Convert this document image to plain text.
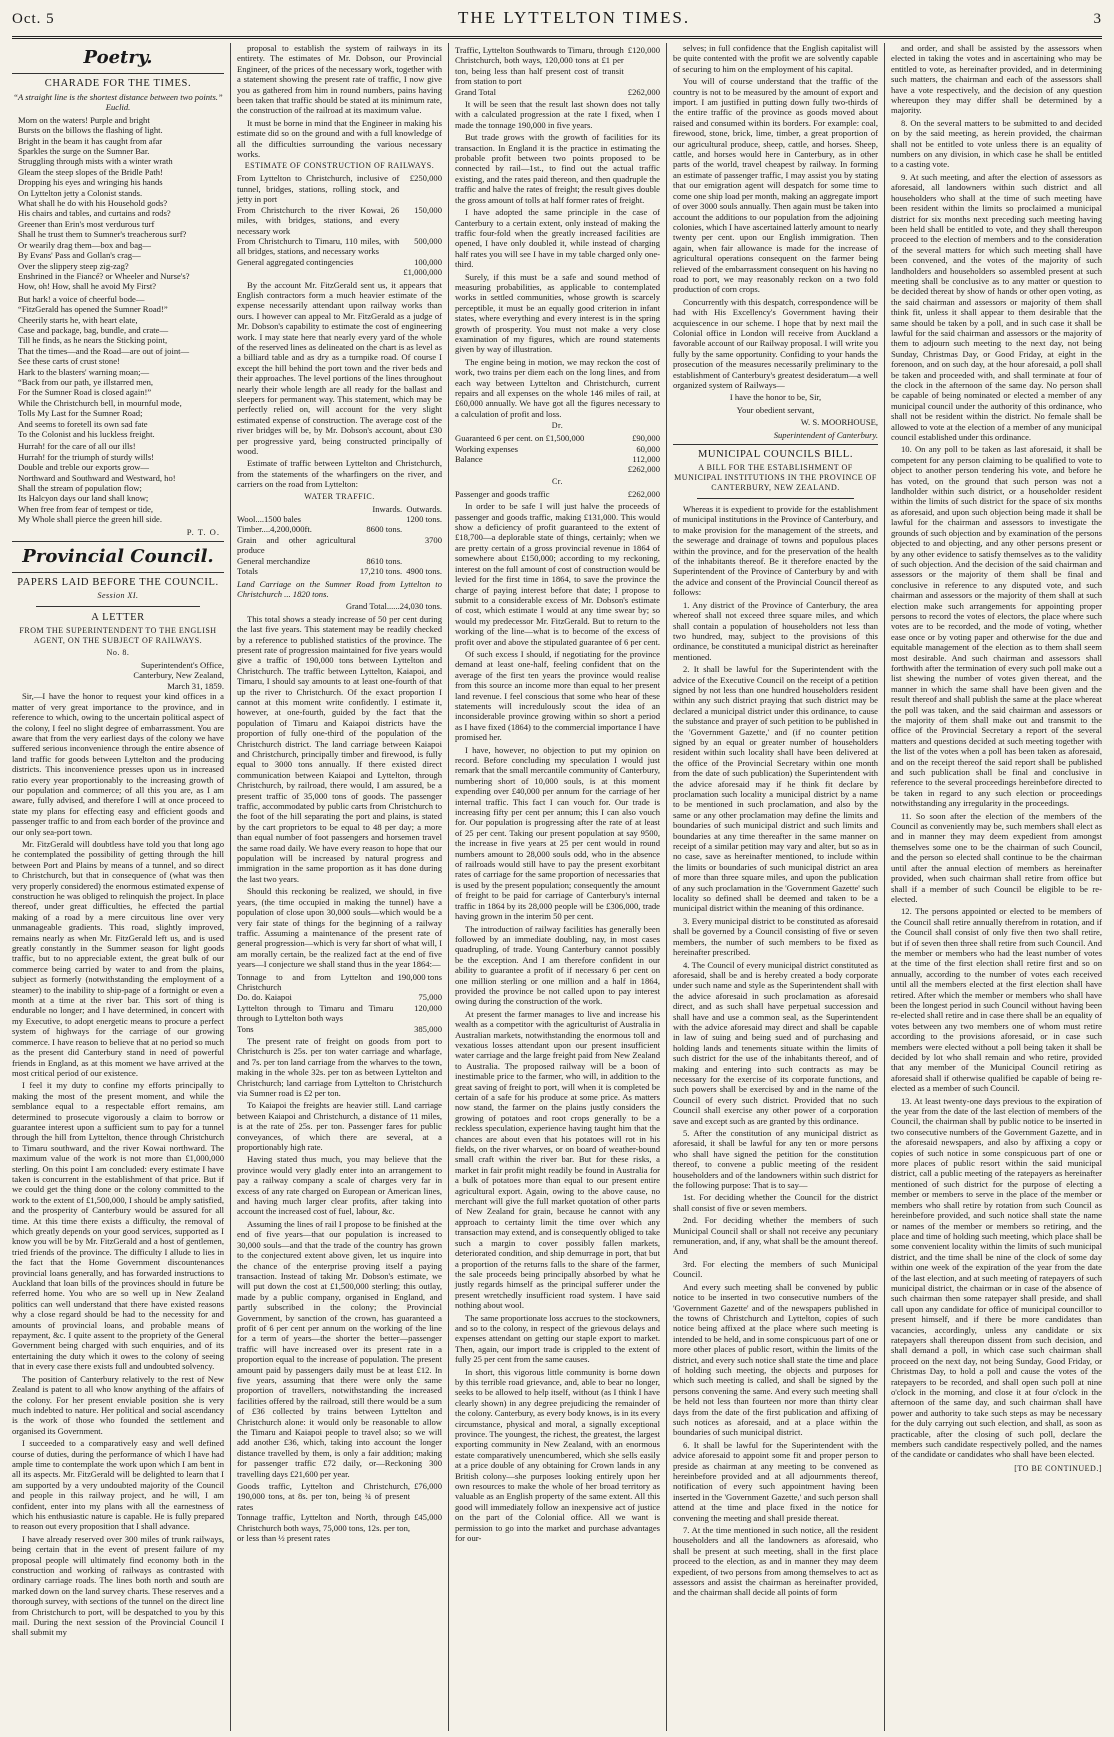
Oct. 5	THE LYTTELTON TIMES.	3
Poetry.
CHARADE FOR THE TIMES.

“A straight line is the shortest distance between two points.” Euclid.

Morn on the waters! Purple and bright
Bursts on the billows the flashing of light.
Bright in the beam it has caught from afar
Sparkles the surge on the Sumner Bar.
Struggling through mists with a winter wrath
Gleam the steep slopes of the Bridle Path!
Dropping his eyes and wringing his hands
On Lyttelton jetty a Colonist stands.
What shall he do with his Household gods?
His chairs and tables, and curtains and rods?
Greener than Erin's most verdurous turf
Shall he trust them to Sumner's treacherous surf?
Or wearily drag them—box and bag—
By Evans' Pass and Gollan's crag—
Over the slippery steep zig-zag?
Enshrined in the Fiancé? or Wheeler and Nurse's?
How, oh! How, shall he avoid My First?
But hark! a voice of cheerful bode—
“FitzGerald has opened the Sumner Road!”
Cheerily starts he, with heart elate,
Case and package, bag, bundle, and crate—
Till he finds, as he nears the Sticking point,
That the times—and the Road—are out of joint—
See these carts of crust stone!
Hark to the blasters' warning moan;—
“Back from our path, ye illstarred men,
For the Sumner Road is closed again!”
While the Christchurch bell, in mournful mode,
Tolls My Last for the Sumner Road;
And seems to foretell its own sad fate
To the Colonist and his luckless freight.
Hurrah! for the care of all our ills!
Hurrah! for the triumph of sturdy wills!
Double and treble our exports grow—
Northward and Southward and Westward, ho!
Shall the stream of population flow;
Its Halcyon days our land shall know;
When free from fear of tempest or tide,
My Whole shall pierce the green hill side.
P. T. O.
Provincial Council.
PAPERS LAID BEFORE THE COUNCIL.
Session XI.
A LETTER
FROM THE SUPERINTENDENT TO THE ENGLISH AGENT, ON THE SUBJECT OF RAILWAYS.
No. 8.
Superintendent's Office,
Canterbury, New Zealand,
March 31, 1859.

Sir,—I have the honor to request your kind offices in a matter of very great importance to the province, and in reference to which, owing to the uncertain political aspect of the colony, I feel no slight degree of embarrassment. You are aware that from the very earliest days of the colony we have suffered serious inconvenience through the entire absence of land traffic for goods between Lyttelton and the producing districts. This inconvenience presses upon us in increased ratio every year proportionably to the increasing growth of our population and commerce; of all this you are, as I am aware, fully advised, and therefore I will at once proceed to state my plans for effecting easy and efficient goods and passenger traffic to and from each border of the province and our only sea-port town.

Mr. FitzGerald will doubtless have told you that long ago he contemplated the possibility of getting through the hill between Port and Plains by means of a tunnel, and so direct to Christchurch, but that in consequence of (what was then very properly considered) the enormous estimated expense of construction he was obliged to relinquish the project. In place thereof, under great difficulties, he effected the partial making of a road by a mere circuitous line over very unmanageable gradients. This road, slightly improved, remains nearly as when Mr. FitzGerald left us, and is used greatly constantly in the Summer season for light goods traffic, but to no appreciable extent, the great bulk of our commerce being carried by water to and from the plains, subject as formerly (notwithstanding the employment of a steamer) to the inability to ship-page of a fortnight or even a month at a time at the river bar. This sort of thing is endurable no longer; and I have determined, in concert with my Executive, to adopt energetic means to procure a perfect system of highways for the carriage of our growing commerce. I have reason to believe that at no period so much as the present did Canterbury stand in need of powerful friends in England, as at this moment we have arrived at the most critical period of our existence.

I feel it my duty to confine my efforts principally to making the most of the present moment, and while the semblance equal to a respectable effort remains, am determined to prosecute vigorously a claim to borrow or guarantee interest upon a sufficient sum to pay for a tunnel through the hill from Lyttelton, thence through Christchurch to Timaru southward, and the river Kowai northward. The maximum value of the work is not more than £1,000,000 sterling. On this point I am concluded: every estimate I have taken is concurrent in the establishment of that price. But if we could get the thing done or the colony committed to the work to the extent of £1,500,000, I should be amply satisfied, and the prosperity of Canterbury would be assured for all time. At this time there exists a difficulty, the removal of which greatly depends on your good services, supported as I know you will be by Mr. FitzGerald and a host of gentlemen, tried friends of the province. The difficulty I allude to lies in the fact that the Home Government discountenances provincial loans generally, and has forwarded instructions to Auckland that loan bills of the provinces should in future be referred home. You who are so well up in New Zealand politics can well understand that there have existed reasons why a close regard should be had to the necessity for and amounts of provincial loans, and probable means of repayment, &c. I quite assent to the propriety of the General Government being charged with such enquiries, and of its entertaining the duty which it owes to the colony of seeing that in every case there exists full and undoubted solvency.

The position of Canterbury relatively to the rest of New Zealand is patent to all who know anything of the affairs of the colony. For her present enviable position she is very much indebted to nature. Her political and social ascendancy is the work of those who founded the settlement and organised its Government.

I succeeded to a comparatively easy and well defined course of duties, during the performance of which I have had ample time to contemplate the work upon which I am bent in all its aspects. Mr. FitzGerald will be delighted to learn that I am supported by a very undoubted majority of the Council and people in this railway project, and he will, I am confident, enter into my plans with all the earnestness of which his enthusiastic nature is capable. He is fully prepared to reason out every proposition that I shall advance.

I have already reserved over 300 miles of trunk railways, being certain that in the event of present failure of my proposal people will ultimately find economy both in the construction and working of railways as contrasted with ordinary carriage roads. The lines both north and south are marked down on the land survey charts. These reserves and a thorough survey, with sections of the tunnel on the direct line from Christchurch to port, will be despatched to you by this mail. During the next session of the Provincial Council I shall submit my

proposal to establish the system of railways in its entirety. The estimates of Mr. Dobson, our Provincial Engineer, of the prices of the necessary work, together with a statement showing the present rate of traffic, I now give you as gathered from him in round numbers, pains having been taken that traffic should be stated at its minimum rate, the construction of the railroad at its maximum value.

It must be borne in mind that the Engineer in making his estimate did so on the ground and with a full knowledge of all the difficulties surrounding the various necessary works.

ESTIMATE OF CONSTRUCTION OF RAILWAYS.
From Lyttelton to Christchurch, inclusive of tunnel, bridges, stations, rolling stock, and jetty in port	£250,000
From Christchurch to the river Kowai, 26 miles, with bridges, stations, and every necessary work	150,000
From Christchurch to Timaru, 110 miles, with all bridges, stations, and necessary works	500,000
General aggregated contingencies	100,000
	£1,000,000

By the account Mr. FitzGerald sent us, it appears that English contractors form a much heavier estimate of the expense necessarily attendant upon railway works than ours. I however can appeal to Mr. FitzGerald as a judge of Mr. Dobson's capability to estimate the cost of engineering work. I may state here that nearly every yard of the whole of the reserved lines as delineated on the chart is as level as a billiard table and as dry as a turnpike road. Of course I except the hill behind the port town and the river beds and their approaches. The level portions of the lines throughout nearly their whole length are all ready for the ballast and sleepers for permanent way. This statement, which may be perfectly relied on, will account for the very slight estimated expense of construction. The average cost of the river bridges will be, by Mr. Dobson's account, about £30 per progressive yard, being constructed principally of wood.

Estimate of traffic between Lyttelton and Christchurch, from the statements of the wharfingers on the river, and carriers on the road from Lyttelton:

WATER TRAFFIC.
	Inwards.	Outwards.
Wool....1500 bales		1200 tons.
Timber....4,200,000ft.	8600 tons.	
Grain and other agricultural produce		3700
General merchandize	8610 tons.	
Totals	17,210 tons.	4900 tons.

Land Carriage on the Sumner Road from Lyttelton to Christchurch ... 1820 tons.

Grand Total......24,030 tons.

This total shows a steady increase of 50 per cent during the last five years. This statement may be readily checked by a reference to published statistics of the province. The present rate of progression maintained for five years would give a traffic of 190,000 tons between Lyttelton and Christchurch. The traffic between Lyttelton, Kaiapoi, and Timaru, I should say amounts to at least one-fourth of that up the river to Christchurch. Of the exact proportion I cannot at this moment write confidently. I estimate it, however, at one-fourth, guided by the fact that the population of Timaru and Kaiapoi districts have the proportion of fully one-third of the population of the Christchurch district. The land carriage between Kaiapoi and Christchurch, principally timber and firewood, is fully equal to 3000 tons annually. If there existed direct communication between Kaiapoi and Lyttelton, through Christchurch, by railroad, there would, I am assured, be a present traffic of 35,000 tons of goods. The passenger traffic, accommodated by public carts from Christchurch to the foot of the hill separating the port and plains, is stated by the cart proprietors to be equal to 48 per day; a more than equal number of foot passengers and horsemen travel the same road daily. We have every reason to hope that our population will be increased by natural progress and immigration in the same proportion as it has done during the last two years.

Should this reckoning be realized, we should, in five years, (the time occupied in making the tunnel) have a population of close upon 30,000 souls—which would be a very fair state of things for the beginning of a railway traffic. Assuming a maintenance of the present rate of general progression—which is very far short of what will, I am morally certain, be the realized fact at the end of five years—I conjecture we shall stand thus in the year 1864:—

Tonnage to and from Lyttelton and Christchurch	190,000 tons
Do. do. Kaiapoi	75,000
Lyttelton through to Timaru and Timaru through to Lyttelton both ways	120,000
Tons	385,000

The present rate of freight on goods from port to Christchurch is 25s. per ton water carriage and wharfage, and 7s. per ton land carriage from the wharves to the town, making in the whole 32s. per ton as between Lyttelton and Christchurch; land carriage from Lyttelton to Christchurch via Sumner road is £2 per ton.

To Kaiapoi the freights are heavier still. Land carriage between Kaiapoi and Christchurch, a distance of 11 miles, is at the rate of 25s. per ton. Passenger fares for public conveyances, of which there are several, at a proportionably high rate.

Having stated thus much, you may believe that the province would very gladly enter into an arrangement to pay a railway company a scale of charges very far in excess of any rate charged on European or American lines, and having much larger clear profits, after taking into account the increased cost of fuel, labour, &c.

Assuming the lines of rail I propose to be finished at the end of five years—that our population is increased to 30,000 souls—and that the trade of the country has grown to the conjectured extent above given, let us inquire into the chance of the enterprise proving itself a paying transaction. Instead of taking Mr. Dobson's estimate, we will put down the cost at £1,500,000 sterling; this outlay, made by a public company, organised in England, and partly subscribed in the colony; the Provincial Government, by sanction of the crown, has guaranteed a profit of 6 per cent per annum on the working of the line for a term of years—the shorter the better—passenger traffic will have increased over its present rate in a proportion equal to the increase of population. The present amount paid by passengers daily must be at least £12. In five years, assuming that there were only the same proportion of travellers, notwithstanding the increased facilities offered by the railroad, still there would be a sum of £36 collected by trains between Lyttelton and Christchurch alone: it would only be reasonable to allow the Timaru and Kaiapoi people to travel also; so we will add another £36, which, taking into account the longer distance travelled by them, is only a fair addition; making for passenger traffic £72 daily, or—Reckoning 300 travelling days £21,600 per year.

Goods traffic, Lyttelton and Christchurch, 190,000 tons, at 8s. per ton, being ¾ of present rates	£76,000
Tonnage traffic, Lyttelton and North, through Christchurch both ways, 75,000 tons, 12s. per ton, or less than ½ present rates	£45,000
Traffic, Lyttelton Southwards to Timaru, through Christchurch, both ways, 120,000 tons at £1 per ton, being less than half present cost of transit from station to port	£120,000
Grand Total	£262,000

It will be seen that the result last shown does not tally with a calculated progression at the rate I fixed, when I made the tonnage 190,000 in five years.

But trade grows with the growth of facilities for its transaction. In England it is the practice in estimating the probable profit between two points proposed to be connected by rail—1st., to find out the actual traffic existing, and the rates paid thereon, and then quadruple the traffic and halve the rates of freight; the result gives double the gross amount of tolls at half former rates of freight.

I have adopted the same principle in the case of Canterbury to a certain extent, only instead of making the traffic four-fold when the greatly increased facilities are opened, I have only doubled it, while instead of charging half rates you will see I have in my table charged only one-third.

Surely, if this must be a safe and sound method of measuring probabilities, as applicable to contemplated works in settled communities, whose growth is scarcely perceptible, it must be an equally good criterion in infant states, where everything and every interest is in the spring growth of prosperity. You must not make a very close examination of my figures, which are round statements given by way of illustration.

The engine being in motion, we may reckon the cost of work, two trains per diem each on the long lines, and from each way between Lyttelton and Christchurch, current repairs and all expenses on the whole 146 miles of rail, at £60,000 annually. We have got all the figures necessary to a calculation of profit and loss.

Dr.
Guaranteed 6 per cent. on £1,500,000	£90,000
Working expenses	60,000
Balance	112,000
	£262,000
Cr.
Passenger and goods traffic	£262,000

In order to be safe I will just halve the proceeds of passenger and goods traffic, making £131,000. This would show a deficiency of profit guaranteed to the extent of £18,700—a deplorable state of things, certainly; when we are pretty certain of a gross provincial revenue in 1864 of somewhere about £150,000; according to my reckoning, interest on the full amount of cost of construction would be levied for the first time in 1864, to save the province the charge of paying interest before that date; I propose to submit to a considerable excess of Mr. Dobson's estimate of cost, which estimate I would at any time swear by; so would my predecessor Mr. FitzGerald. But to return to the working of the line—what is to become of the excess of profit over and above the stipulated guarantee of 6 per cent.

Of such excess I should, if negotiating for the province demand at least one-half, feeling confident that on the average of the first ten years the province would realise from this source an income more than equal to her present land revenue. I feel conscious that some who hear of these statements will incredulously scout the idea of an inconsiderable province growing within so short a period as I have fixed (1864) to the commercial importance I have promised her.

I have, however, no objection to put my opinion on record. Before concluding my speculation I would just remark that the small mercantile community of Canterbury, numbering short of 10,000 souls, is at this moment expending over £40,000 per annum for the carriage of her internal traffic. This fact I can vouch for. Our trade is increasing fifty per cent per annum; this I can also vouch for. Our population is progressing after the rate of at least of 25 per cent. Taking our present population at say 9500, the increase in five years at 25 per cent would in round numbers amount to 28,000 souls odd, who in the absence of railroads would still have to pay the present exorbitant rates of carriage for the same proportion of necessaries that is used by the present population; consequently the amount of freight to be paid for carriage of Canterbury's internal traffic in 1864 by its 28,000 people will be £306,000, trade having grown in the interim 50 per cent.

The introduction of railway facilities has generally been followed by an immediate doubling, nay, in most cases quadrupling, of trade. Young Canterbury cannot possibly be the exception. And I am therefore confident in our ability to guarantee a profit of if necessary 6 per cent on one million sterling or one million and a half in 1864, provided the province be not called upon to pay interest owing during the construction of the work.

At present the farmer manages to live and increase his wealth as a competitor with the agriculturist of Australia in Australian markets, notwithstanding the enormous toll and vexatious losses attendant upon our present insufficient water carriage and the large freight paid from New Zealand to Australia. The proposed railway will be a boon of inestimable price to the farmer, who will, in addition to the great saving of freight to port, will when it is completed be certain of a safe for his produce at some price. As matters now stand, the farmer on the plains justly considers the growing of potatoes and root crops generally to be a reckless speculation, experience having taught him that the chances are about even that his potatoes will rot in his fields, on the river wharves, or on board of weather-bound small craft within the river bar. But for these risks, a market in fair profit might readily be found in Australia for a bulk of potatoes more than equal to our present entire agricultural export. Again, owing to the above cause, no merchant will give the full market quotation of other parts of New Zealand for grain, because he cannot with any approach to certainty limit the time over which any transaction may extend, and is consequently obliged to take such a margin to cover possibly fallen markets, deteriorated condition, and ship demurrage in port, that but a proportion of the returns falls to the share of the farmer, the sale proceeds being principally absorbed by what he justly regards himself as the principal sufferer under the present wretchedly insufficient road system. I have said nothing about wool.

The same proportionate loss accrues to the stockowners, and so to the colony, in respect of the grievous delays and expenses attendant on getting our staple export to market. Then, again, our import trade is crippled to the extent of fully 25 per cent from the same causes.

In short, this vigorous little community is borne down by this terrible road grievance, and, able to bear no longer, seeks to be allowed to help itself, without (as I think I have clearly shown) in any degree prejudicing the remainder of the colony. Canterbury, as every body knows, is in its every circumstance, physical and moral, a signally exceptional province. The youngest, the richest, the greatest, the largest exporting community in New Zealand, with an enormous estate comparatively unencumbered, which she sells easily at a price double of any obtaining for Crown lands in any British colony—she purposes looking entirely upon her own resources to make the whole of her broad territory as valuable as an English property of the same extent. All this good will immediately follow an inexpensive act of justice on the part of the Colonial office. All we want is permission to go into the market and purchase advantages for our-

selves; in full confidence that the English capitalist will be quite contented with the profit we are solvently capable of securing to him on the employment of his capital.

You will of course understand that the traffic of the country is not to be measured by the amount of export and import. I am justified in putting down fully two-thirds of the entire traffic of the province as goods moved about raised and consumed within its borders. For example: coal, firewood, stone, brick, lime, timber, a great proportion of our agricultural produce, sheep, cattle, and horses. Sheep, cattle, and horses would here in Canterbury, as in other parts of the world, travel cheapest by railway. In forming an estimate of passenger traffic, I may assist you by stating that our emigration agent will despatch for some time to come one ship load per month, making an aggregate import of over 3000 souls annually. Then again must be taken into account the additions to our population from the adjoining colonies, which I have ascertained latterly amount to nearly twenty per cent. upon our English immigration. Then again, when fair allowance is made for the increase of agricultural operations consequent on the farmer being relieved of the embarrassment consequent on his having no road to port, we may reasonably reckon on a two fold production of corn crops.

Concurrently with this despatch, correspondence will be had with His Excellency's Government having their acquiescence in our scheme. I hope that by next mail the Colonial office in London will receive from Auckland a favorable account of our Railway proposal. I will write you fully by the same opportunity. Confiding to your hands the prosecution of the measures necessarily preliminary to the establishment of Canterbury's greatest desideratum—a well organized system of Railways—

I have the honor to be, Sir,

Your obedient servant,

W. S. MOORHOUSE,

Superintendent of Canterbury.

MUNICIPAL COUNCILS BILL.
A BILL FOR THE ESTABLISHMENT OF MUNICIPAL INSTITUTIONS IN THE PROVINCE OF CANTERBURY, NEW ZEALAND.

Whereas it is expedient to provide for the establishment of municipal institutions in the Province of Canterbury, and to make provision for the management of the streets, and the sewerage and drainage of towns and populous places within the province, and for the preservation of the health of the inhabitants thereof. Be it therefore enacted by the Superintendent of the Province of Canterbury by and with the advice and consent of the Provincial Council thereof as follows:

1. Any district of the Province of Canterbury, the area whereof shall not exceed three square miles, and which shall contain a population of householders not less than two hundred, may, subject to the provisions of this ordinance, be constituted a municipal district as hereinafter mentioned.

2. It shall be lawful for the Superintendent with the advice of the Executive Council on the receipt of a petition signed by not less than one hundred householders resident within any such district praying that such district may be declared a municipal district under this ordinance, to cause the substance and prayer of such petition to be published in the 'Government Gazette,' and (if no counter petition signed by an equal or greater number of householders resident within such locality shall have been delivered at the office of the Provincial Secretary within one month from the date of such publication) the Superintendent with the advice aforesaid may if he think fit declare by proclamation such locality a municipal district by a name to be mentioned in such proclamation, and also by the same or any other proclamation may define the limits and boundaries of such municipal district and such limits and boundaries at any time thereafter in the same manner on receipt of a similar petition may vary and alter, but so as in no case, save as hereinafter mentioned, to include within the limits or boundaries of such municipal district an area of more than three square miles, and upon the publication of any such proclamation in the 'Government Gazette' such locality so defined shall be deemed and taken to be a municipal district within the meaning of this ordinance.

3. Every municipal district to be constituted as aforesaid shall be governed by a Council consisting of five or seven members, the number of such members to be fixed as hereinafter prescribed.

4. The Council of every municipal district constituted as aforesaid, shall be and is hereby created a body corporate under such name and style as the Superintendent shall with the advice aforesaid in such proclamation as aforesaid direct, and as such shall have perpetual succession and shall have and use a common seal, as the Superintendent with the advice aforesaid may direct and shall be capable in law of suing and being sued and of purchasing and holding lands and tenements situate within the limits of such district for the use of the inhabitants thereof, and of making and entering into such contracts as may be necessary for the exercise of its corporate functions, and such powers shall be exercised by and in the name of the Council of every such district. Provided that no such Council shall exercise any other power of a corporation save and except such as are granted by this ordinance.

5. After the constitution of any municipal district as aforesaid, it shall be lawful for any ten or more persons who shall have signed the petition for the constitution thereof, to convene a public meeting of the resident householders and of the landowners within such district for the following purpose: That is to say—

1st. For deciding whether the Council for the district shall consist of five or seven members.

2nd. For deciding whether the members of such Municipal Council shall or shall not receive any pecuniary remuneration, and, if any, what shall be the amount thereof. And

3rd. For electing the members of such Municipal Council.

And every such meeting shall be convened by public notice to be inserted in two consecutive numbers of the 'Government Gazette' and of the newspapers published in the towns of Christchurch and Lyttelton, copies of such notice being affixed at the place where such meeting is intended to be held, and in some conspicuous part of one or more other places of public resort, within the limits of the district, and every such notice shall state the time and place of holding such meeting, the objects and purposes for which such meeting is called, and shall be signed by the persons convening the same. And every such meeting shall be held not less than fourteen nor more than thirty clear days from the date of the first publication and affixing of such notices as aforesaid, and at a place within the boundaries of such municipal district.

6. It shall be lawful for the Superintendent with the advice aforesaid to appoint some fit and proper person to preside as chairman at any meeting to be convened as hereinbefore provided and at all adjournments thereof, notification of every such appointment having been inserted in the 'Government Gazette,' and such person shall attend at the time and place fixed in the notice for convening the meeting and shall preside thereat.

7. At the time mentioned in such notice, all the resident householders and all the landowners as aforesaid, who shall be present at such meeting, shall in the first place proceed to the election, as and in manner they may deem expedient, of two persons from among themselves to act as assessors and assist the chairman as hereinafter provided, and the chairman shall decide all points of form

and order, and shall be assisted by the assessors when elected in taking the votes and in ascertaining who may be entitled to vote, as hereinafter provided, and in determining such matters, the chairman and each of the assessors shall have a vote respectively, and the decision of any question whereupon they may differ shall be determined by a majority.

8. On the several matters to be submitted to and decided on by the said meeting, as herein provided, the chairman shall not be entitled to vote unless there is an equality of numbers on any division, in which case he shall be entitled to a casting vote.

9. At such meeting, and after the election of assessors as aforesaid, all landowners within such district and all householders who shall at the time of such meeting have been resident within the limits so proclaimed a municipal district for six months next preceding such meeting having been held shall be entitled to vote, and they shall thereupon proceed to the election of members and to the consideration of the several matters for which such meeting shall have been convened, and the votes of the majority of such landholders and householders so assembled present at such meeting shall be conclusive as to any matter or question to be decided thereat by show of hands or other open voting, as the said chairman and assessors or majority of them shall think fit, unless it shall appear to them desirable that the same should be taken by a poll, and in such case it shall be lawful for the said chairman and assessors or the majority of them to adjourn such meeting to the next day, not being Sunday, Christmas Day, or Good Friday, at eight in the forenoon, and on such day, at the hour aforesaid, a poll shall be taken and proceeded with, and shall terminate at four of the clock in the afternoon of the same day. No person shall be capable of being nominated or elected a member of any municipal council under the authority of this ordinance, who shall not be resident within the district. No female shall be allowed to vote at the election of a member of any municipal council established under this ordinance.

10. On any poll to be taken as last aforesaid, it shall be competent for any person claiming to be qualified to vote to object to another person tendering his vote, and before he has voted, on the ground that such person was not a landholder within such district, or a householder resident within the limits of such district for the space of six months as aforesaid, and upon such objection being made it shall be lawful for the chairman and assessors to investigate the grounds of such objection and by examination of the persons objected to and objecting, and any other persons present or by any other evidence to satisfy themselves as to the validity of such objection. And the decision of the said chairman and assessors or the majority of them shall be final and conclusive in reference to any disputed vote, and such chairman and assessors or the majority of them shall at such election make such arrangements for appointing proper persons to record the votes of electors, the place where such votes are to be recorded, and the mode of voting, whether ease once or by voting paper and otherwise for the due and equitable management of the election as to them shall seem most desirable. And such chairman and assessors shall forthwith after the termination of every such poll make out a list shewing the number of votes given thereat, and the manner in which the same shall have been given and the result thereof and shall publish the same at the place whereat the poll was taken, and the said chairman and assessors or the majority of them shall make out and transmit to the office of the Provincial Secretary a report of the several matters and questions decided at such meeting together with the list of the votes when a poll has been taken as aforesaid, and on the receipt thereof the said report shall be published and such publication shall be final and conclusive in reference to the several proceedings hereinbefore directed to be taken in regard to any such election or proceedings notwithstanding any irregularity in the proceedings.

11. So soon after the election of the members of the Council as conveniently may be, such members shall elect as and in manner they may deem expedient from amongst themselves some one to be the chairman of such Council, and the person so elected shall continue to be the chairman until after the annual election of members as hereinafter provided, when such chairman shall retire from office but shall if a member of such Council be eligible to be re-elected.

12. The persons appointed or elected to be members of the Council shall retire annually therefrom in rotation, and if the Council shall consist of only five then two shall retire, but if of seven then three shall retire from such Council. And the member or members who had the least number of votes at the time of the first election shall retire first and so on annually, according to the number of votes each received until all the members elected at the first election shall have retired. After which the member or members who shall have been the longest period in such Council without having been re-elected shall retire and in case there shall be an equality of votes between any two members one of whom must retire according to the provisions aforesaid, or in case such members were elected without a poll being taken it shall be decided by lot who shall remain and who retire, provided that any member of the Municipal Council retiring as aforesaid shall if otherwise qualified be capable of being re-elected as a member of such Council.

13. At least twenty-one days previous to the expiration of the year from the date of the last election of members of the Council, the chairman shall by public notice to be inserted in two consecutive numbers of the Government Gazette, and in the aforesaid newspapers, and also by affixing a copy or copies of such notice in some conspicuous part of one or more places of public resort within the said municipal district, call a public meeting of the ratepayers as hereinafter mentioned of such district for the purpose of electing a member or members to serve in the place of the member or members who shall retire by rotation from such Council as hereinbefore provided, and such notice shall state the name or names of the member or members so retiring, and the place and time of holding such meeting, which place shall be some convenient locality within the limits of such municipal district, and the time shall be nine of the clock of some day within one week of the expiration of the year from the date of the last election, and at such meeting of ratepayers of such municipal district, the chairman or in case of the absence of such chairman then some ratepayer shall preside, and shall call upon any candidate for office of municipal councillor to present himself, and if there be more candidates than vacancies, accordingly, unless any candidate or six ratepayers shall thereupon dissent from such decision, and shall demand a poll, in which case such chairman shall proceed on the next day, not being Sunday, Good Friday, or Christmas Day, to hold a poll and cause the votes of the ratepayers to be recorded, and shall open such poll at nine o'clock in the morning, and close it at four o'clock in the afternoon of the same day, and such chairman shall have power and authority to take such steps as may be necessary for the duly carrying out such election, and shall, as soon as practicable, after the closing of such poll, declare the members such candidate respectively polled, and the names of the candidate or candidates who shall have been elected.

[TO BE CONTINUED.]
